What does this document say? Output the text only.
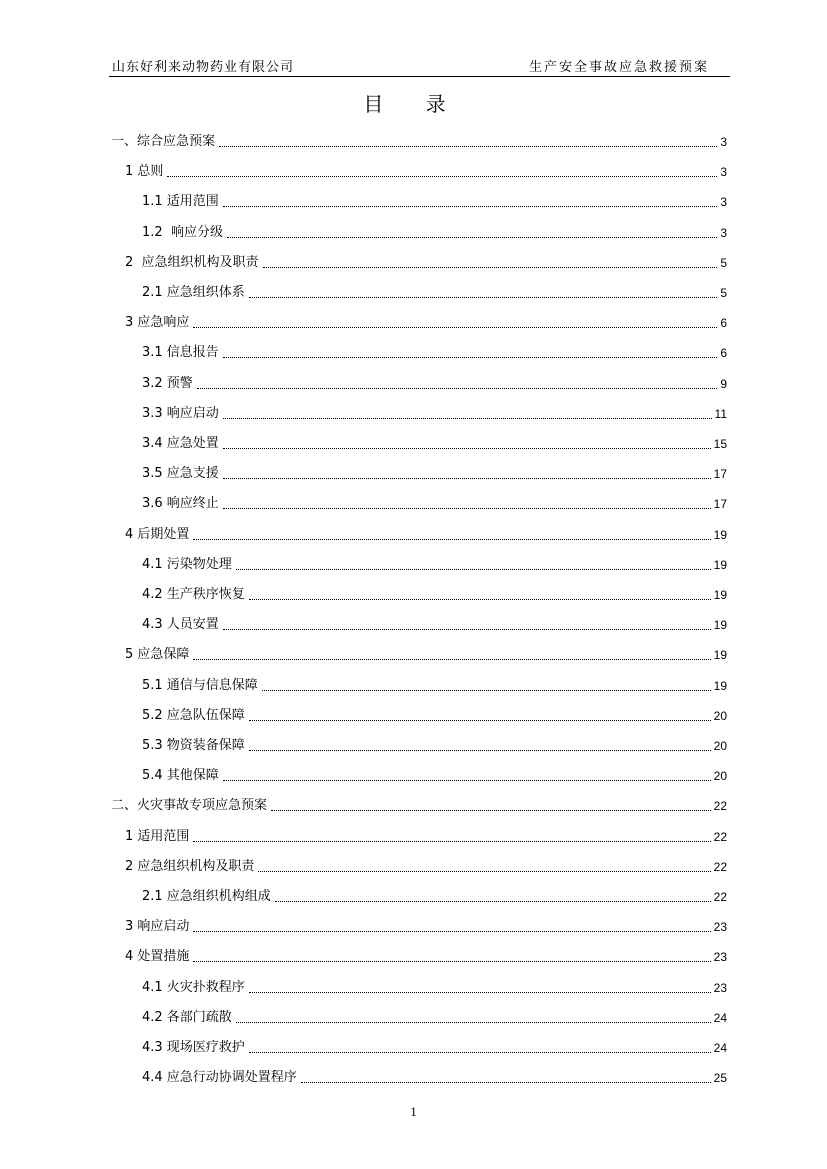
山东好利来动物药业有限公司	生产安全事故应急救援预案
目 录
一、综合应急预案	3
1 总则	3
1.1 适用范围	3
1.2  响应分级	3
2  应急组织机构及职责	5
2.1 应急组织体系	5
3 应急响应	6
3.1 信息报告	6
3.2 预警	9
3.3 响应启动	11
3.4 应急处置	15
3.5 应急支援	17
3.6 响应终止	17
4 后期处置	19
4.1 污染物处理	19
4.2 生产秩序恢复	19
4.3 人员安置	19
5 应急保障	19
5.1 通信与信息保障	19
5.2 应急队伍保障	20
5.3 物资装备保障	20
5.4 其他保障	20
二、火灾事故专项应急预案	22
1 适用范围	22
2 应急组织机构及职责	22
2.1 应急组织机构组成	22
3 响应启动	23
4 处置措施	23
4.1 火灾扑救程序	23
4.2 各部门疏散	24
4.3 现场医疗救护	24
4.4 应急行动协调处置程序	25
1
